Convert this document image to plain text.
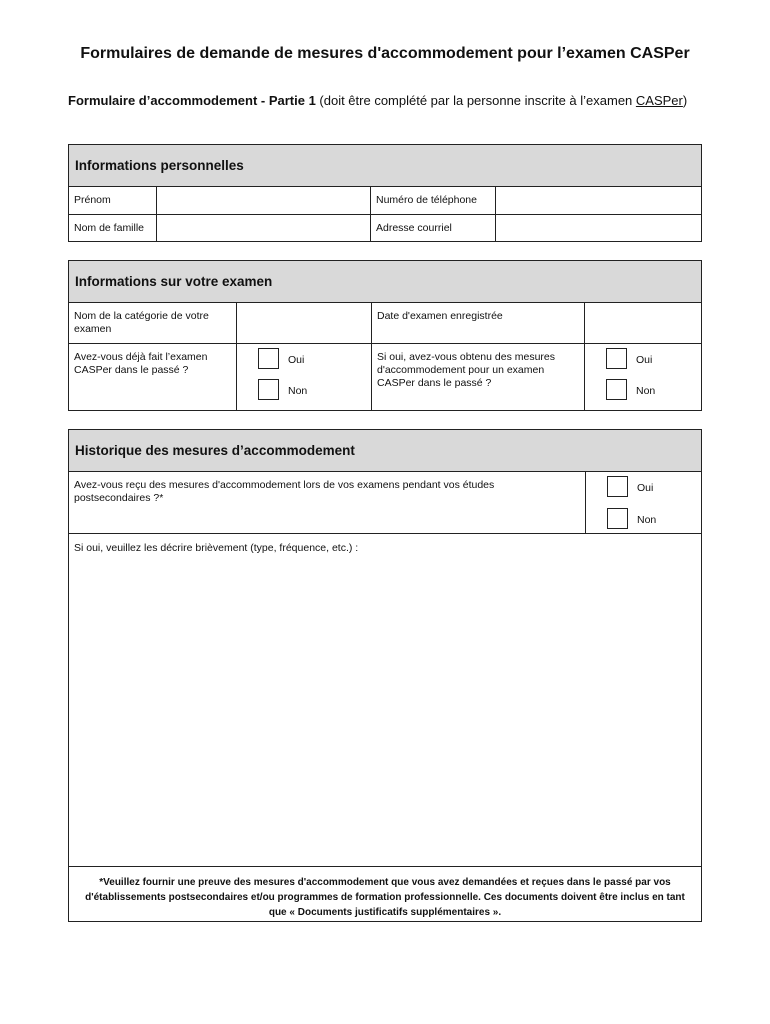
Formulaires de demande de mesures d'accommodement pour l’examen CASPer
Formulaire d’accommodement - Partie 1 (doit être complété par la personne inscrite à l’examen CASPer)
Informations personnelles
Prénom	Numéro de téléphone
Nom de famille	Adresse courriel
Informations sur votre examen
Nom de la catégorie de votre examen
Date d'examen enregistrée
Avez-vous déjà fait l’examen CASPer dans le passé ?
Oui
Non
Si oui, avez-vous obtenu des mesures d'accommodement pour un examen CASPer dans le passé ?
Oui
Non
Historique des mesures d’accommodement
Avez-vous reçu des mesures d'accommodement lors de vos examens pendant vos études postsecondaires ?*
Oui
Non
Si oui, veuillez les décrire brièvement (type, fréquence, etc.) :
*Veuillez fournir une preuve des mesures d'accommodement que vous avez demandées et reçues dans le passé par vos d'établissements postsecondaires et/ou programmes de formation professionnelle. Ces documents doivent être inclus en tant que « Documents justificatifs supplémentaires ».
